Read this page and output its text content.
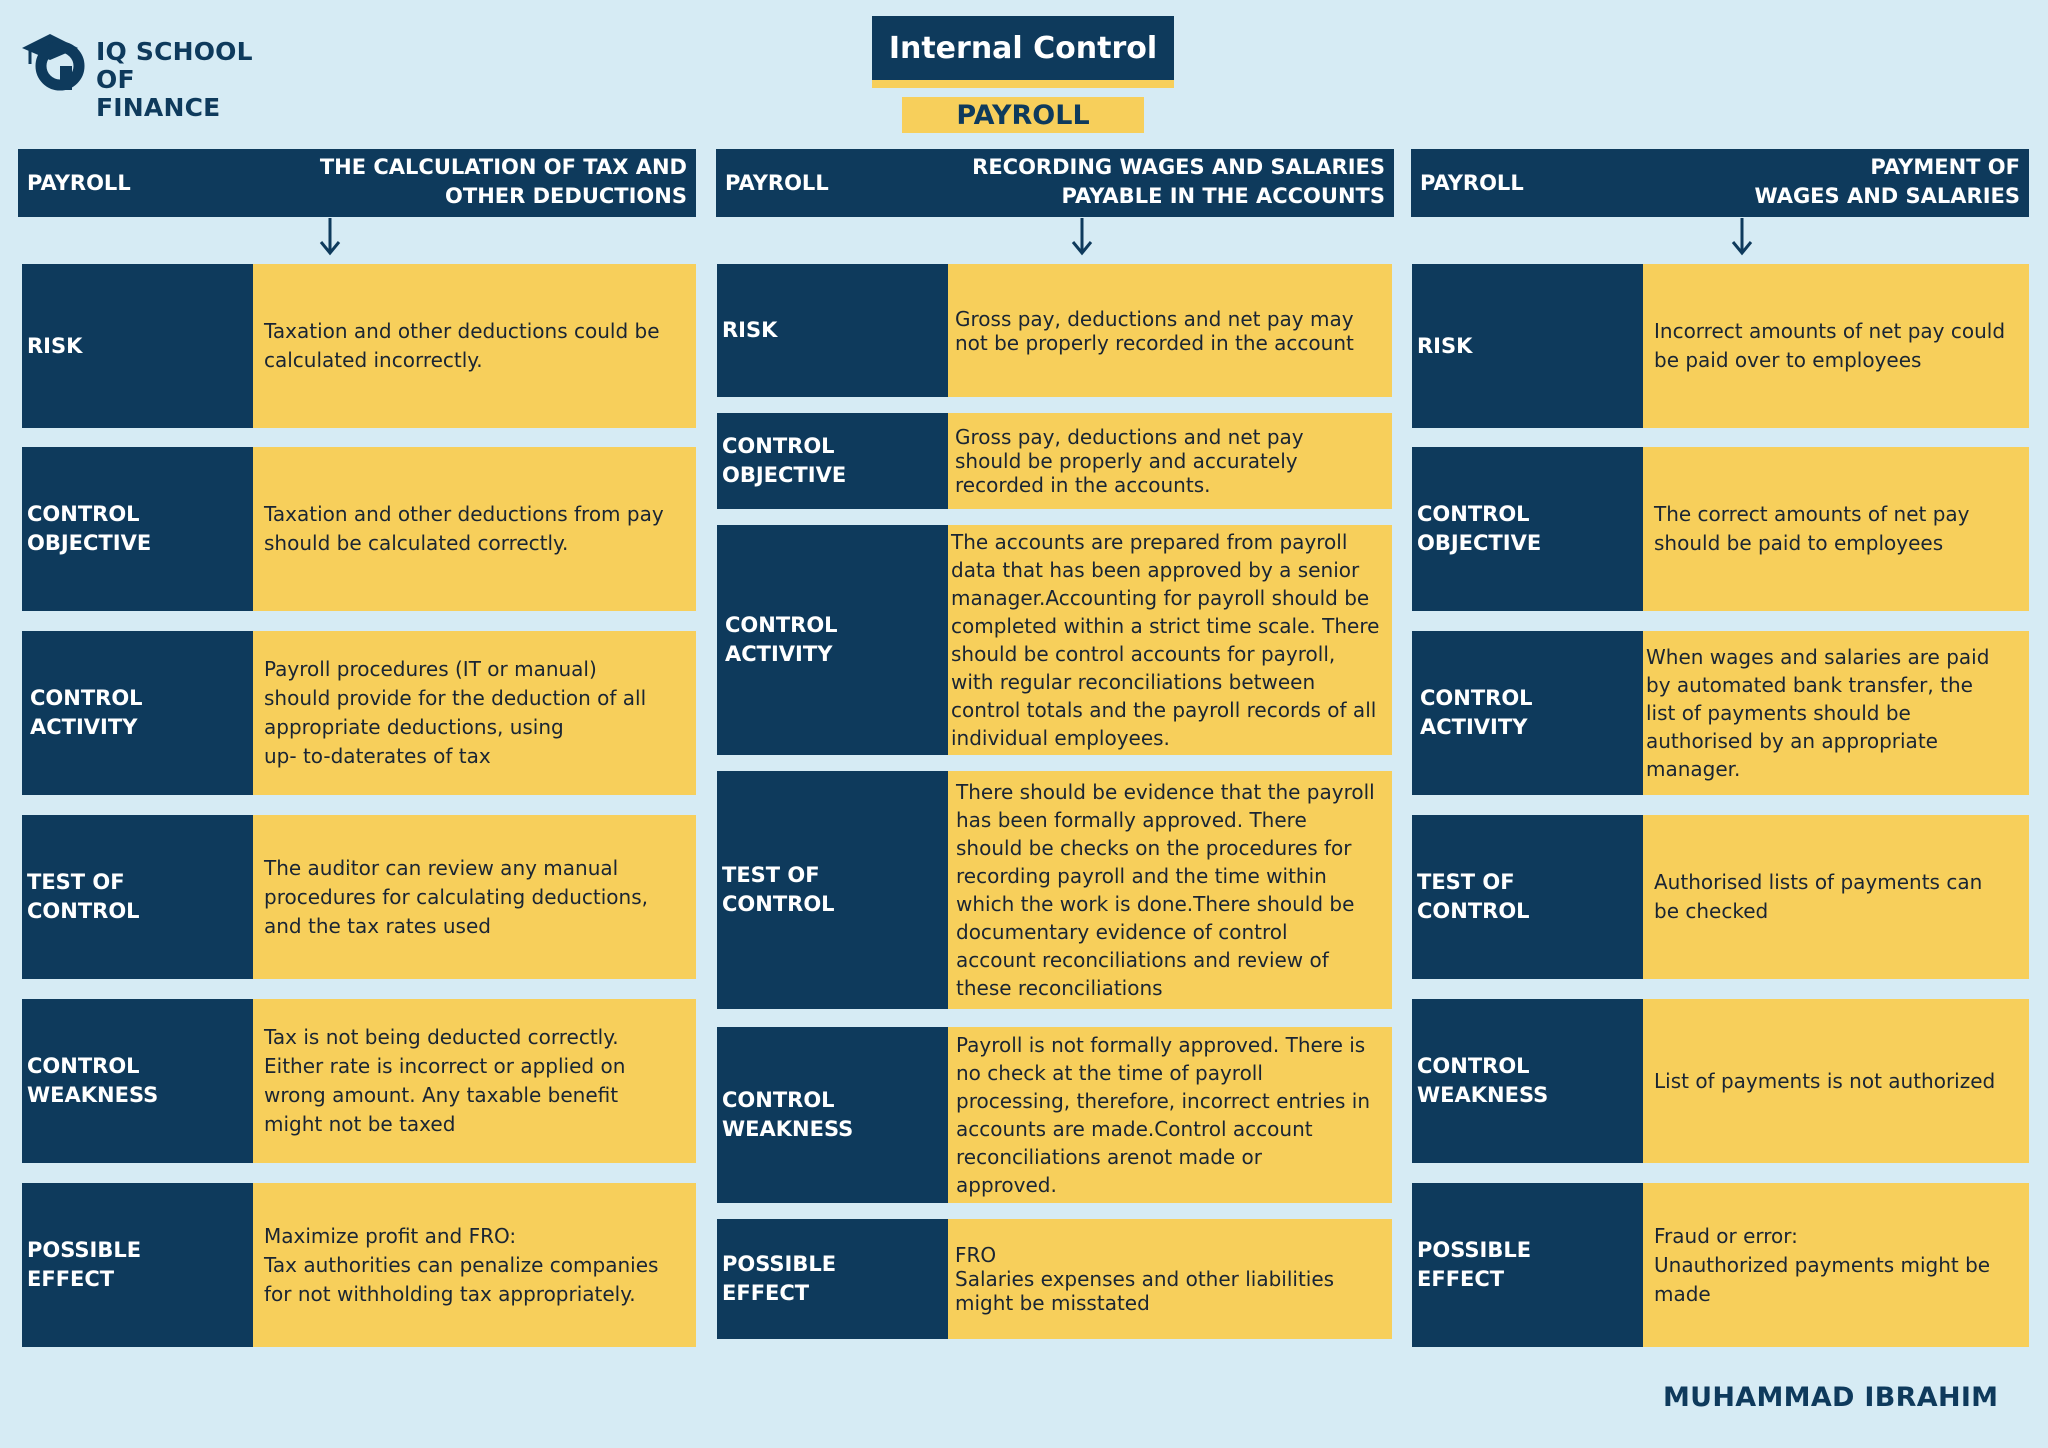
IQ SCHOOL
OF FINANCE
Internal Control
PAYROLL
PAYROLL
THE CALCULATION OF TAX AND
OTHER DEDUCTIONS
RISK
Taxation and other deductions could be
calculated incorrectly.
CONTROL
OBJECTIVE
Taxation and other deductions from pay
should be calculated correctly.
CONTROL
ACTIVITY
Payroll procedures (IT or manual)
should provide for the deduction of all
appropriate deductions, using
up- to-daterates of tax
TEST OF
CONTROL
The auditor can review any manual
procedures for calculating deductions,
and the tax rates used
CONTROL
WEAKNESS
Tax is not being deducted correctly.
Either rate is incorrect or applied on
wrong amount. Any taxable benefit
might not be taxed
POSSIBLE
EFFECT
Maximize profit and FRO:
Tax authorities can penalize companies
for not withholding tax appropriately.
PAYROLL
RECORDING WAGES AND SALARIES
PAYABLE IN THE ACCOUNTS
RISK	Gross pay, deductions and net pay may
not be properly recorded in the account
CONTROL
OBJECTIVE
Gross pay, deductions and net pay
should be properly and accurately
recorded in the accounts.
CONTROL
ACTIVITY
The accounts are prepared from payroll
data that has been approved by a senior
manager.Accounting for payroll should be
completed within a strict time scale. There
should be control accounts for payroll,
with regular reconciliations between
control totals and the payroll records of all
individual employees.
TEST OF
CONTROL
There should be evidence that the payroll
has been formally approved. There
should be checks on the procedures for
recording payroll and the time within
which the work is done.There should be
documentary evidence of control
account reconciliations and review of
these reconciliations
CONTROL
WEAKNESS
Payroll is not formally approved. There is
no check at the time of payroll
processing, therefore, incorrect entries in
accounts are made.Control account
reconciliations arenot made or
approved.
POSSIBLE
EFFECT
FRO
Salaries expenses and other liabilities
might be misstated
PAYROLL
PAYMENT OF
WAGES AND SALARIES
RISK
Incorrect amounts of net pay could
be paid over to employees
CONTROL
OBJECTIVE
The correct amounts of net pay
should be paid to employees
CONTROL
ACTIVITY
When wages and salaries are paid
by automated bank transfer, the
list of payments should be
authorised by an appropriate
manager.
TEST OF
CONTROL
Authorised lists of payments can
be checked
CONTROL
WEAKNESS
List of payments is not authorized
POSSIBLE
EFFECT
Fraud or error:
Unauthorized payments might be
made
MUHAMMAD IBRAHIM
